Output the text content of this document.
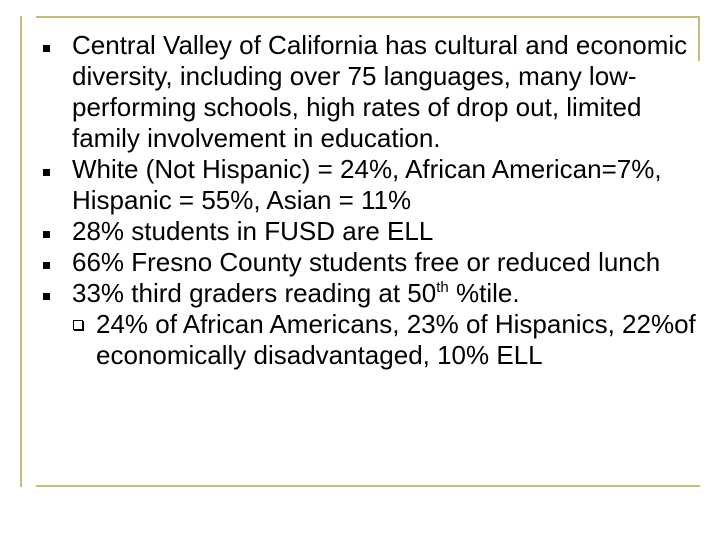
Central Valley of California has cultural and economic diversity, including over 75 languages, many low-performing schools, high rates of drop out, limited family involvement in education.

White (Not Hispanic) = 24%, African American=7%, Hispanic = 55%, Asian = 11%

28% students in FUSD are ELL

66% Fresno County students free or reduced lunch

33% third graders reading at 50th %tile.

24% of African Americans, 23% of Hispanics, 22%of economically disadvantaged, 10% ELL
